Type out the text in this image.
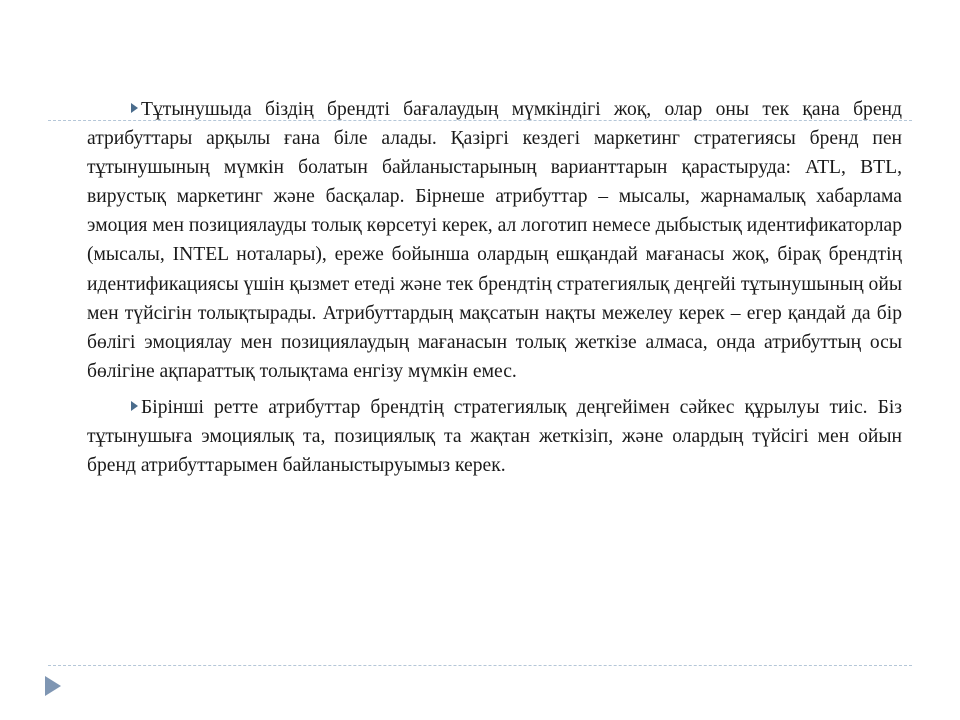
Тұтынушыда біздің брендті бағалаудың мүмкіндігі жоқ, олар оны тек қана бренд атрибуттары арқылы ғана біле алады. Қазіргі кездегі маркетинг стратегиясы бренд пен тұтынушының мүмкін болатын байланыстарының варианттарын қарастыруда: ATL, BTL, вирустық маркетинг және басқалар. Бірнеше атрибуттар – мысалы, жарнамалық хабарлама эмоция мен позициялауды толық көрсетуі керек, ал логотип немесе дыбыстық идентификаторлар (мысалы, INTEL ноталары), ереже бойынша олардың ешқандай мағанасы жоқ, бірақ брендтің идентификациясы үшін қызмет етеді және тек брендтің стратегиялық деңгейі тұтынушының ойы мен түйсігін толықтырады. Атрибуттардың мақсатын нақты межелеу керек – егер қандай да бір бөлігі эмоциялау мен позициялаудың мағанасын толық жеткізе алмаса, онда атрибуттың осы бөлігіне ақпараттық толықтама енгізу мүмкін емес.

Бірінші ретте атрибуттар брендтің стратегиялық деңгейімен сәйкес құрылуы тиіс. Біз тұтынушыға эмоциялық та, позициялық та жақтан жеткізіп, және олардың түйсігі мен ойын бренд атрибуттарымен байланыстыруымыз керек.
